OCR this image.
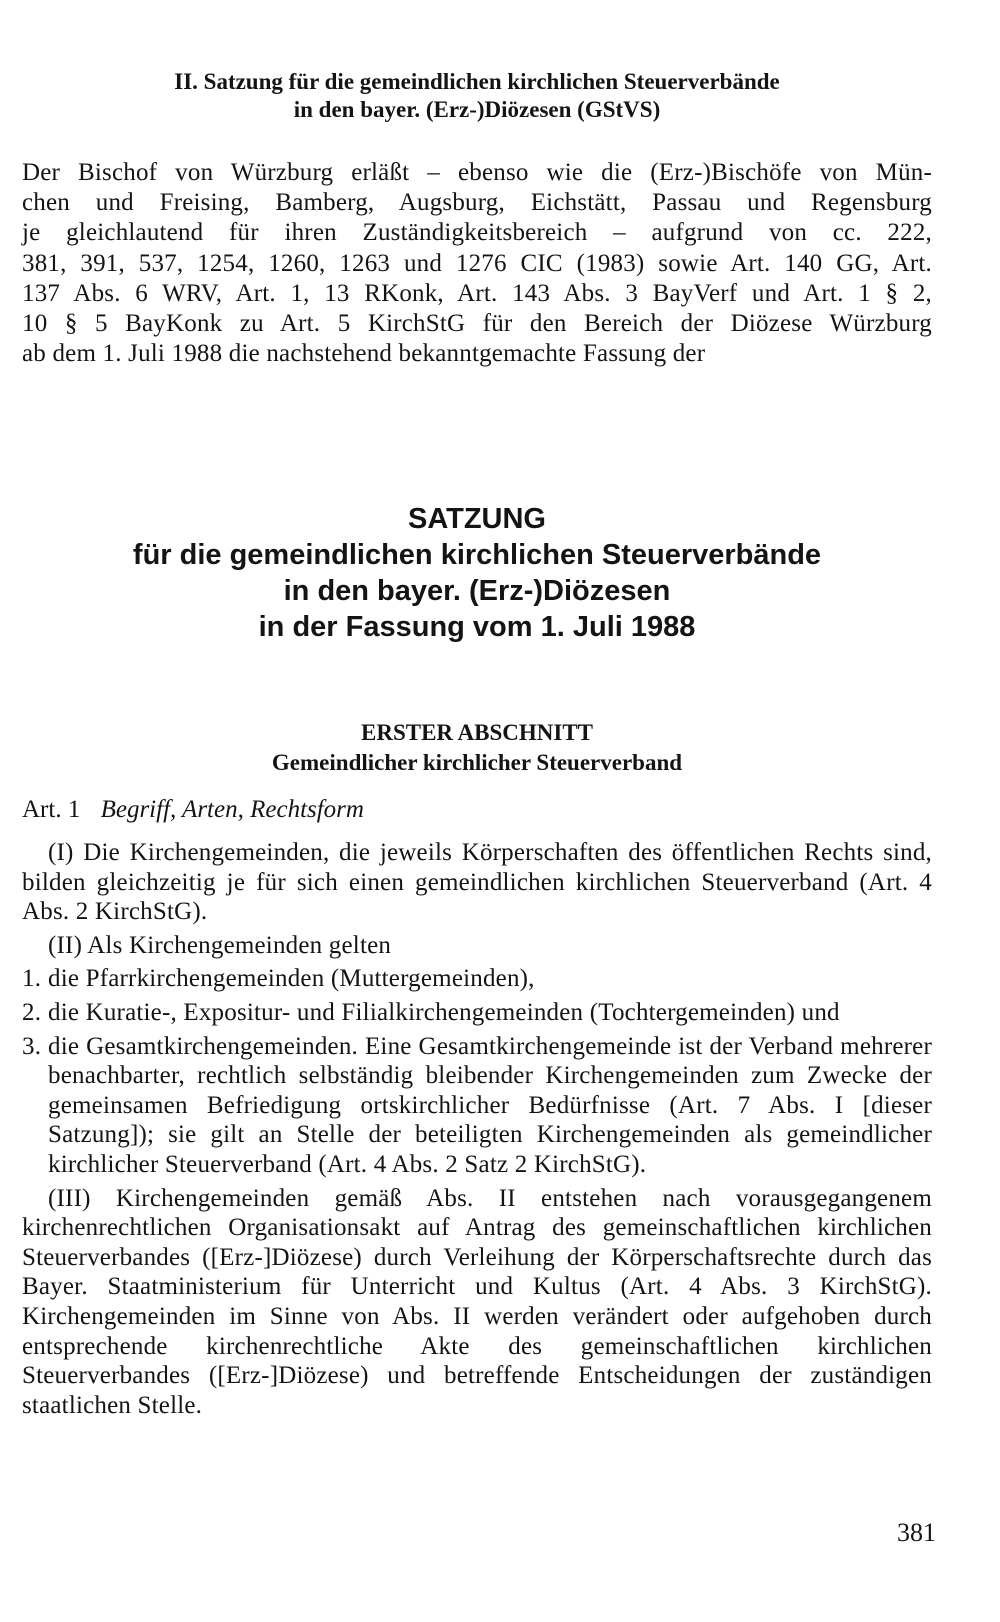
II. Satzung für die gemeindlichen kirchlichen Steuerverbände
in den bayer. (Erz-)Diözesen (GStVS)
Der Bischof von Würzburg erläßt – ebenso wie die (Erz-)Bischöfe von Mün-
chen und Freising, Bamberg, Augsburg, Eichstätt, Passau und Regensburg
je gleichlautend für ihren Zuständigkeitsbereich – aufgrund von cc. 222,
381, 391, 537, 1254, 1260, 1263 und 1276 CIC (1983) sowie Art. 140 GG, Art.
137 Abs. 6 WRV, Art. 1, 13 RKonk, Art. 143 Abs. 3 BayVerf und Art. 1 § 2,
10 § 5 BayKonk zu Art. 5 KirchStG für den Bereich der Diözese Würzburg
ab dem 1. Juli 1988 die nachstehend bekanntgemachte Fassung der
SATZUNG
für die gemeindlichen kirchlichen Steuerverbände
in den bayer. (Erz-)Diözesen
in der Fassung vom 1. Juli 1988
ERSTER ABSCHNITT
Gemeindlicher kirchlicher Steuerverband
Art. 1 Begriff, Arten, Rechtsform

(I) Die Kirchengemeinden, die jeweils Körperschaften des öffentlichen Rechts sind, bilden gleichzeitig je für sich einen gemeindlichen kirchlichen Steuerverband (Art. 4 Abs. 2 KirchStG).

(II) Als Kirchengemeinden gelten

1. die Pfarrkirchengemeinden (Muttergemeinden),
2. die Kuratie-, Expositur- und Filialkirchengemeinden (Tochtergemeinden) und
3. die Gesamtkirchengemeinden. Eine Gesamtkirchengemeinde ist der Verband mehrerer benachbarter, rechtlich selbständig bleibender Kirchengemeinden zum Zwecke der gemeinsamen Befriedigung ortskirchlicher Bedürfnisse (Art. 7 Abs. I [dieser Satzung]); sie gilt an Stelle der beteiligten Kirchengemeinden als gemeindlicher kirchlicher Steuerverband (Art. 4 Abs. 2 Satz 2 KirchStG).

(III) Kirchengemeinden gemäß Abs. II entstehen nach vorausgegangenem kirchenrechtlichen Organisationsakt auf Antrag des gemeinschaftlichen kirchlichen Steuerverbandes ([Erz-]Diözese) durch Verleihung der Körperschaftsrechte durch das Bayer. Staatministerium für Unterricht und Kultus (Art. 4 Abs. 3 KirchStG). Kirchengemeinden im Sinne von Abs. II werden verändert oder aufgehoben durch entsprechende kirchenrechtliche Akte des gemeinschaftlichen kirchlichen Steuerverbandes ([Erz-]Diözese) und betreffende Entscheidungen der zuständigen staatlichen Stelle.

381
